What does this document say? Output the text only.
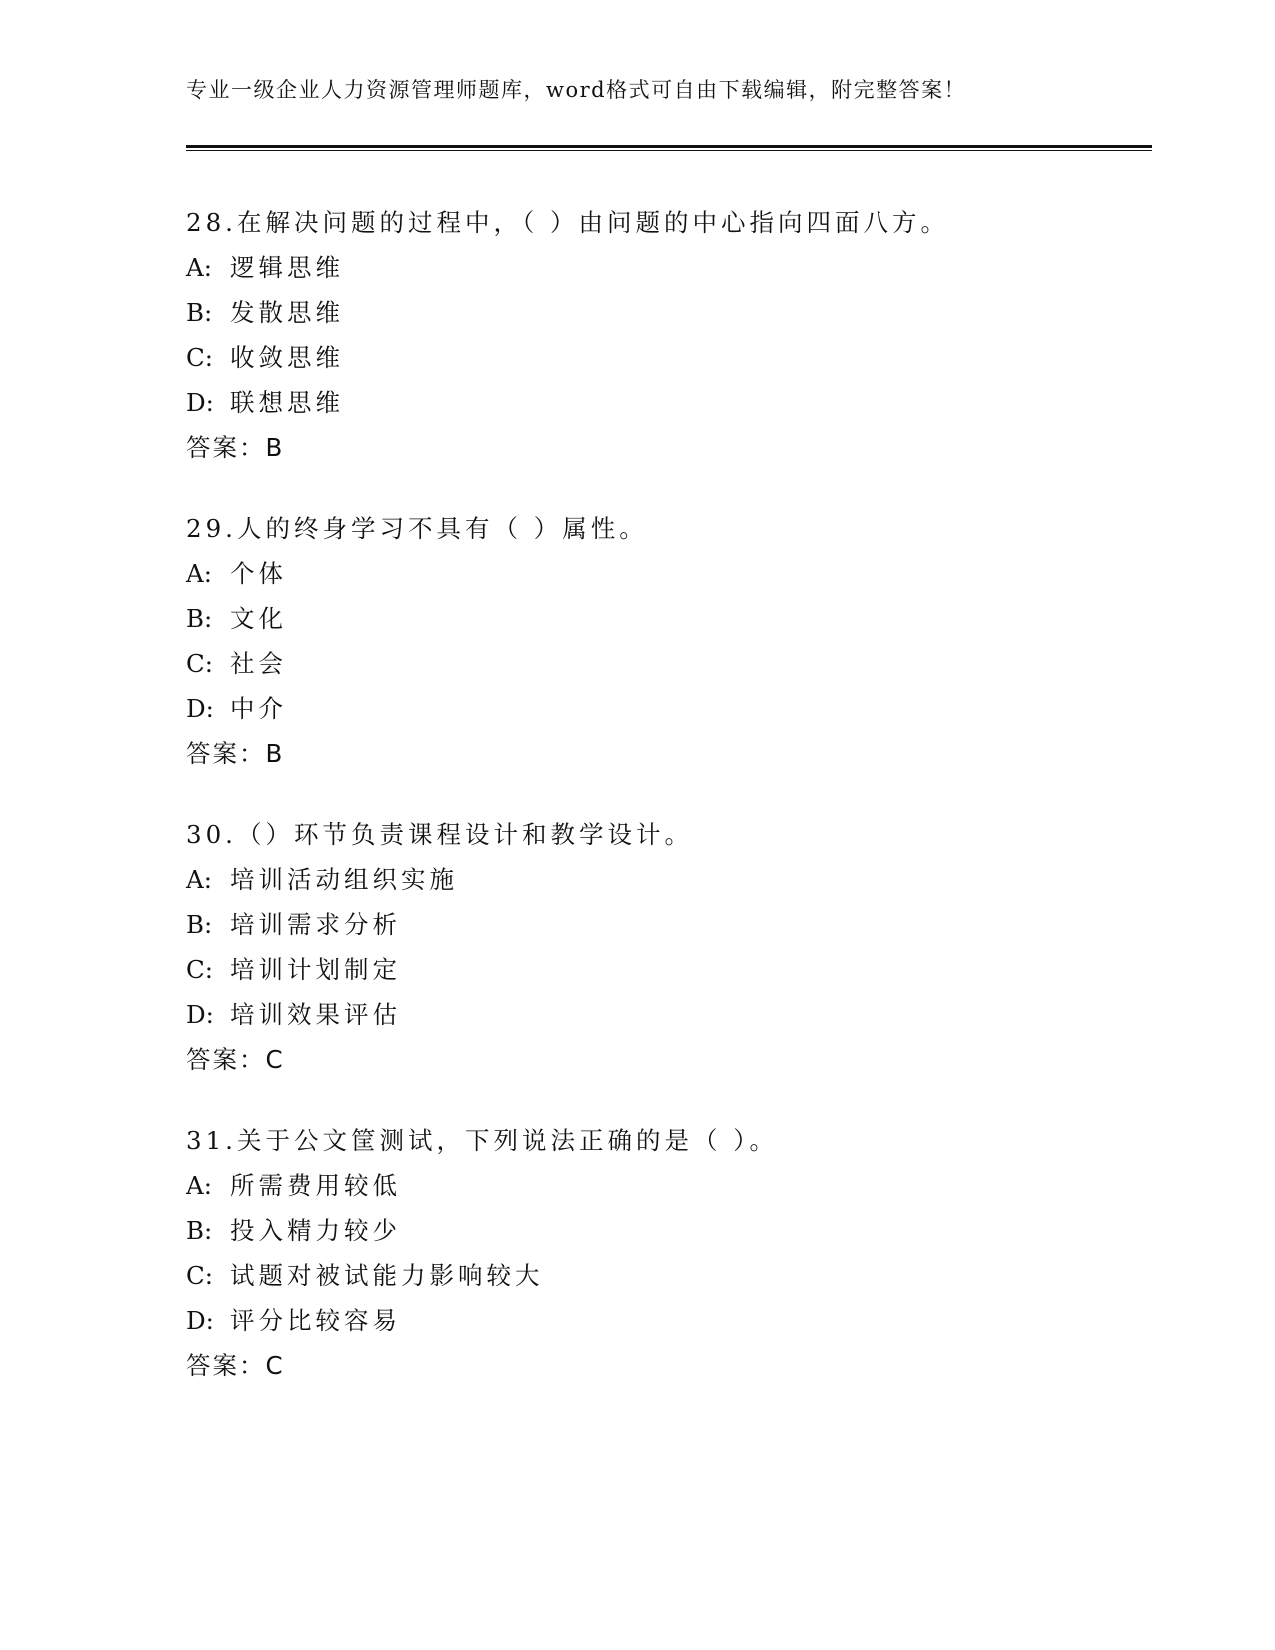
专业一级企业人力资源管理师题库，word格式可自由下载编辑，附完整答案！
28.在解决问题的过程中，（ ）由问题的中心指向四面八方。
A: 逻辑思维
B: 发散思维
C: 收敛思维
D: 联想思维
答案：B
29.人的终身学习不具有（ ）属性。
A: 个体
B: 文化
C: 社会
D: 中介
答案：B
30.（）环节负责课程设计和教学设计。
A: 培训活动组织实施
B: 培训需求分析
C: 培训计划制定
D: 培训效果评估
答案：C
31.关于公文筐测试，下列说法正确的是（ ）。
A: 所需费用较低
B: 投入精力较少
C: 试题对被试能力影响较大
D: 评分比较容易
答案：C
